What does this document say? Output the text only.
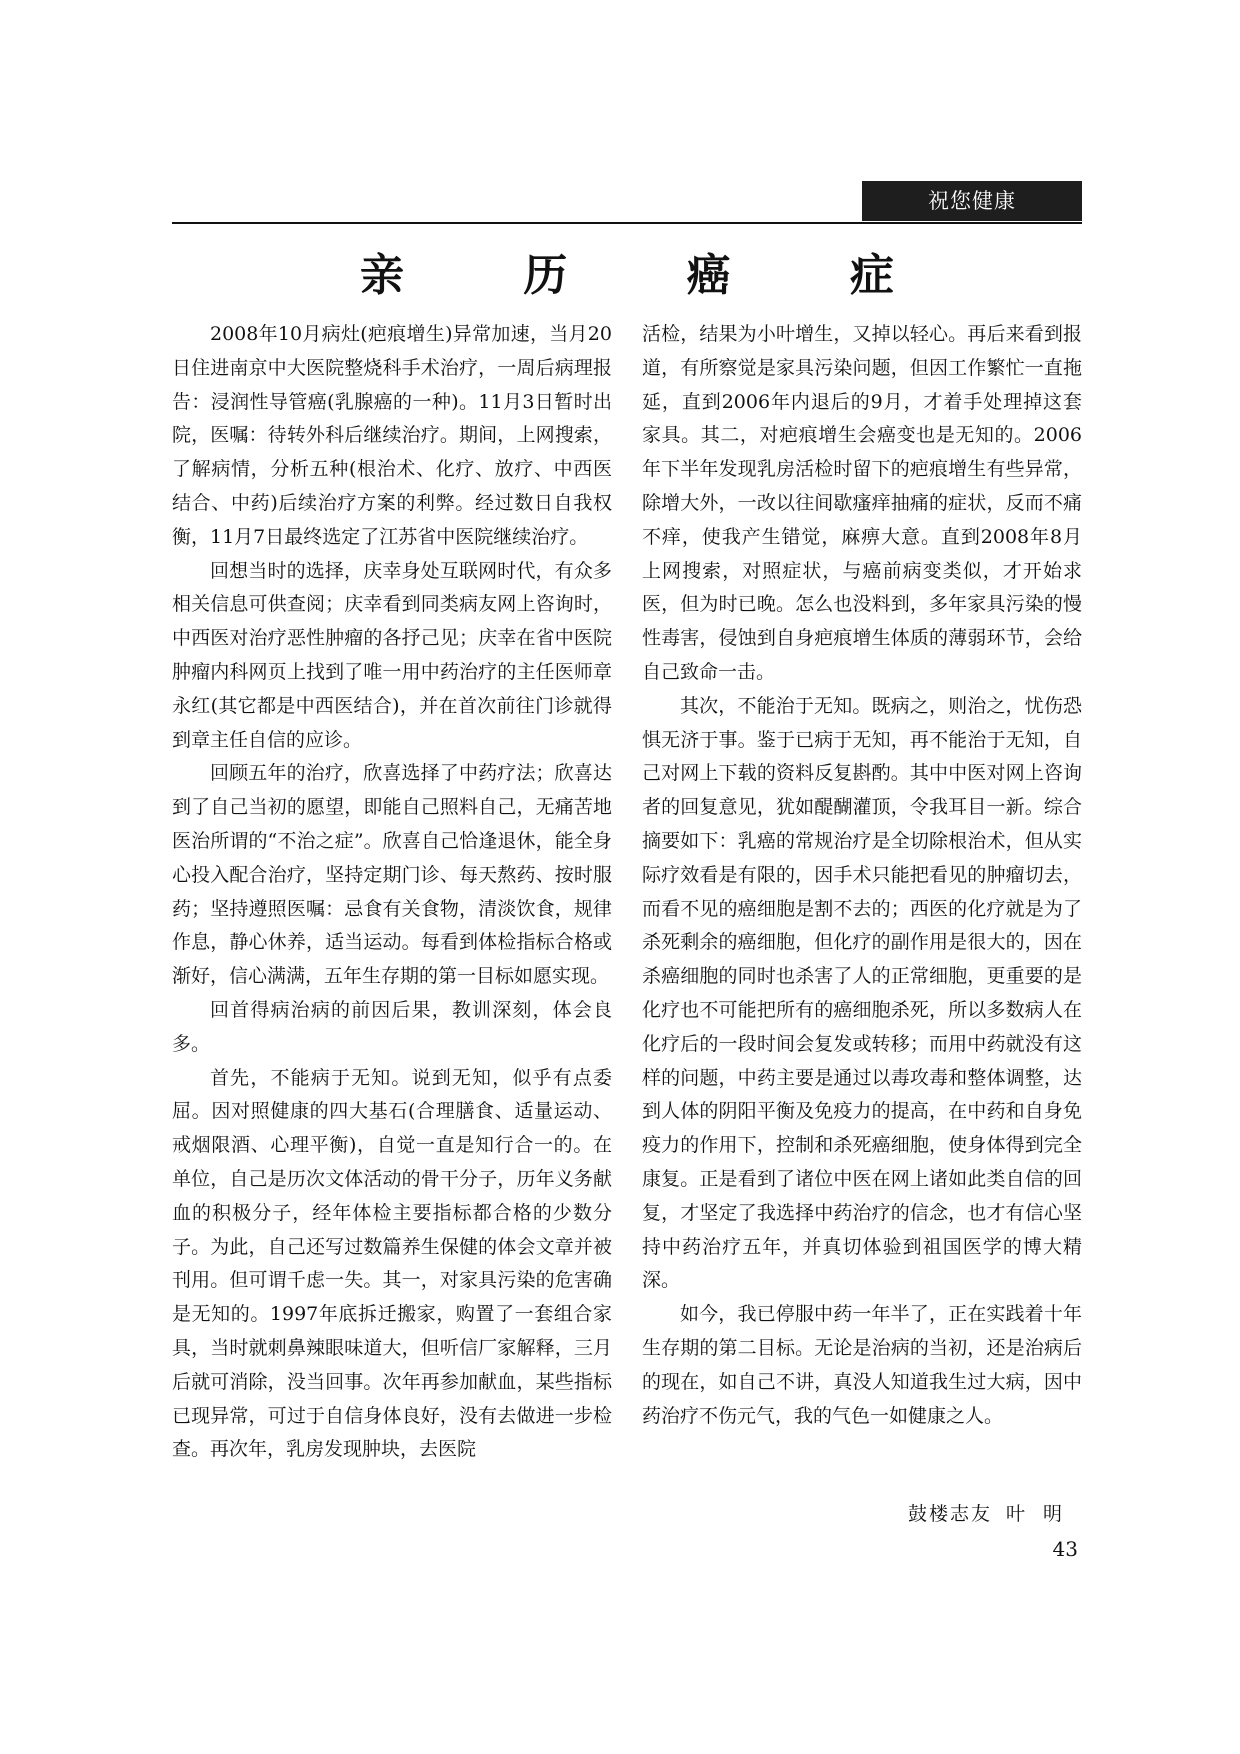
祝您健康
亲 历 癌 症

2008年10月病灶(疤痕增生)异常加速，当月20日住进南京中大医院整烧科手术治疗，一周后病理报告：浸润性导管癌(乳腺癌的一种)。11月3日暂时出院，医嘱：待转外科后继续治疗。期间，上网搜索，了解病情，分析五种(根治术、化疗、放疗、中西医结合、中药)后续治疗方案的利弊。经过数日自我权衡，11月7日最终选定了江苏省中医院继续治疗。

回想当时的选择，庆幸身处互联网时代，有众多相关信息可供查阅；庆幸看到同类病友网上咨询时，中西医对治疗恶性肿瘤的各抒己见；庆幸在省中医院肿瘤内科网页上找到了唯一用中药治疗的主任医师章永红(其它都是中西医结合)，并在首次前往门诊就得到章主任自信的应诊。

回顾五年的治疗，欣喜选择了中药疗法；欣喜达到了自己当初的愿望，即能自己照料自己，无痛苦地医治所谓的“不治之症”。欣喜自己恰逢退休，能全身心投入配合治疗，坚持定期门诊、每天熬药、按时服药；坚持遵照医嘱：忌食有关食物，清淡饮食，规律作息，静心休养，适当运动。每看到体检指标合格或渐好，信心满满，五年生存期的第一目标如愿实现。

回首得病治病的前因后果，教训深刻，体会良多。

首先，不能病于无知。说到无知，似乎有点委屈。因对照健康的四大基石(合理膳食、适量运动、戒烟限酒、心理平衡)，自觉一直是知行合一的。在单位，自己是历次文体活动的骨干分子，历年义务献血的积极分子，经年体检主要指标都合格的少数分子。为此，自己还写过数篇养生保健的体会文章并被刊用。但可谓千虑一失。其一，对家具污染的危害确是无知的。1997年底拆迁搬家，购置了一套组合家具，当时就刺鼻辣眼味道大，但听信厂家解释，三月后就可消除，没当回事。次年再参加献血，某些指标已现异常，可过于自信身体良好，没有去做进一步检查。再次年，乳房发现肿块，去医院

活检，结果为小叶增生，又掉以轻心。再后来看到报道，有所察觉是家具污染问题，但因工作繁忙一直拖延，直到2006年内退后的9月，才着手处理掉这套家具。其二，对疤痕增生会癌变也是无知的。2006年下半年发现乳房活检时留下的疤痕增生有些异常，除增大外，一改以往间歇瘙痒抽痛的症状，反而不痛不痒，使我产生错觉，麻痹大意。直到2008年8月上网搜索，对照症状，与癌前病变类似，才开始求医，但为时已晚。怎么也没料到，多年家具污染的慢性毒害，侵蚀到自身疤痕增生体质的薄弱环节，会给自己致命一击。

其次，不能治于无知。既病之，则治之，忧伤恐惧无济于事。鉴于已病于无知，再不能治于无知，自己对网上下载的资料反复斟酌。其中中医对网上咨询者的回复意见，犹如醍醐灌顶，令我耳目一新。综合摘要如下：乳癌的常规治疗是全切除根治术，但从实际疗效看是有限的，因手术只能把看见的肿瘤切去，而看不见的癌细胞是割不去的；西医的化疗就是为了杀死剩余的癌细胞，但化疗的副作用是很大的，因在杀癌细胞的同时也杀害了人的正常细胞，更重要的是化疗也不可能把所有的癌细胞杀死，所以多数病人在化疗后的一段时间会复发或转移；而用中药就没有这样的问题，中药主要是通过以毒攻毒和整体调整，达到人体的阴阳平衡及免疫力的提高，在中药和自身免疫力的作用下，控制和杀死癌细胞，使身体得到完全康复。正是看到了诸位中医在网上诸如此类自信的回复，才坚定了我选择中药治疗的信念，也才有信心坚持中药治疗五年，并真切体验到祖国医学的博大精深。

如今，我已停服中药一年半了，正在实践着十年生存期的第二目标。无论是治病的当初，还是治病后的现在，如自己不讲，真没人知道我生过大病，因中药治疗不伤元气，我的气色一如健康之人。

鼓楼志友 叶明
43
